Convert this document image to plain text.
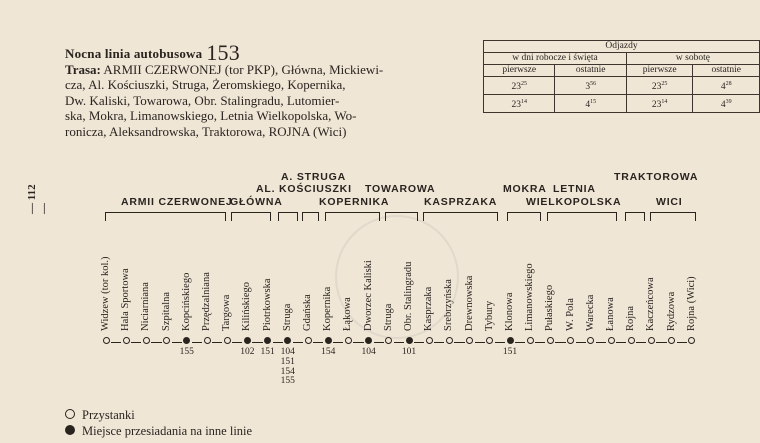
Nocna linia autobusowa 153
Trasa: ARMII CZERWONEJ (tor PKP), Główna, Mickiewi-
cza, Al. Kościuszki, Struga, Żeromskiego, Kopernika,
Dw. Kaliski, Towarowa, Obr. Stalingradu, Lutomier-
ska, Mokra, Limanowskiego, Letnia Wielkopolska, Wo-
ronicza, Aleksandrowska, Traktorowa, ROJNA (Wici)
Odjazdy			
w dni robocze i święta		w sobotę	
pierwsze	ostatnie	pierwsze	ostatnie
$23^{25}$	$3^{56}$	$23^{25}$	$4^{28}$
$23^{14}$	$4^{15}$	$23^{14}$	$4^{39}$
— 112 —
A. STRUGA
AL. KOŚCIUSZKI TOWAROWA	MOKRA LETNIA
TRAKTOROWA
ARMII CZERWONEJ
GŁÓWNA	KOPERNIKA	KASPRZAKA	WIELKOPOLSKA	WICI
Widzew (tor kol.) Hala Sportowa Niciarniana Szpitalna Kopcińskiego
155
Przędzalniana Targowa Kilińskiego
102
Piotrkowska
151
Struga
104
151
154
155
Gdańska Kopernika
154
Łąkowa Dworzec Kaliski
104
Struga Obr. Stalingradu
101
Kasprzaka Srebrzyńska Drewnowska Tybury Klonowa
151
Limanowskiego Pułaskiego W. Pola Warecka Łanowa Rojna Kaczeńcowa Rydzowa Rojna (Wici)
Przystanki
Miejsce przesiadania na inne linie
